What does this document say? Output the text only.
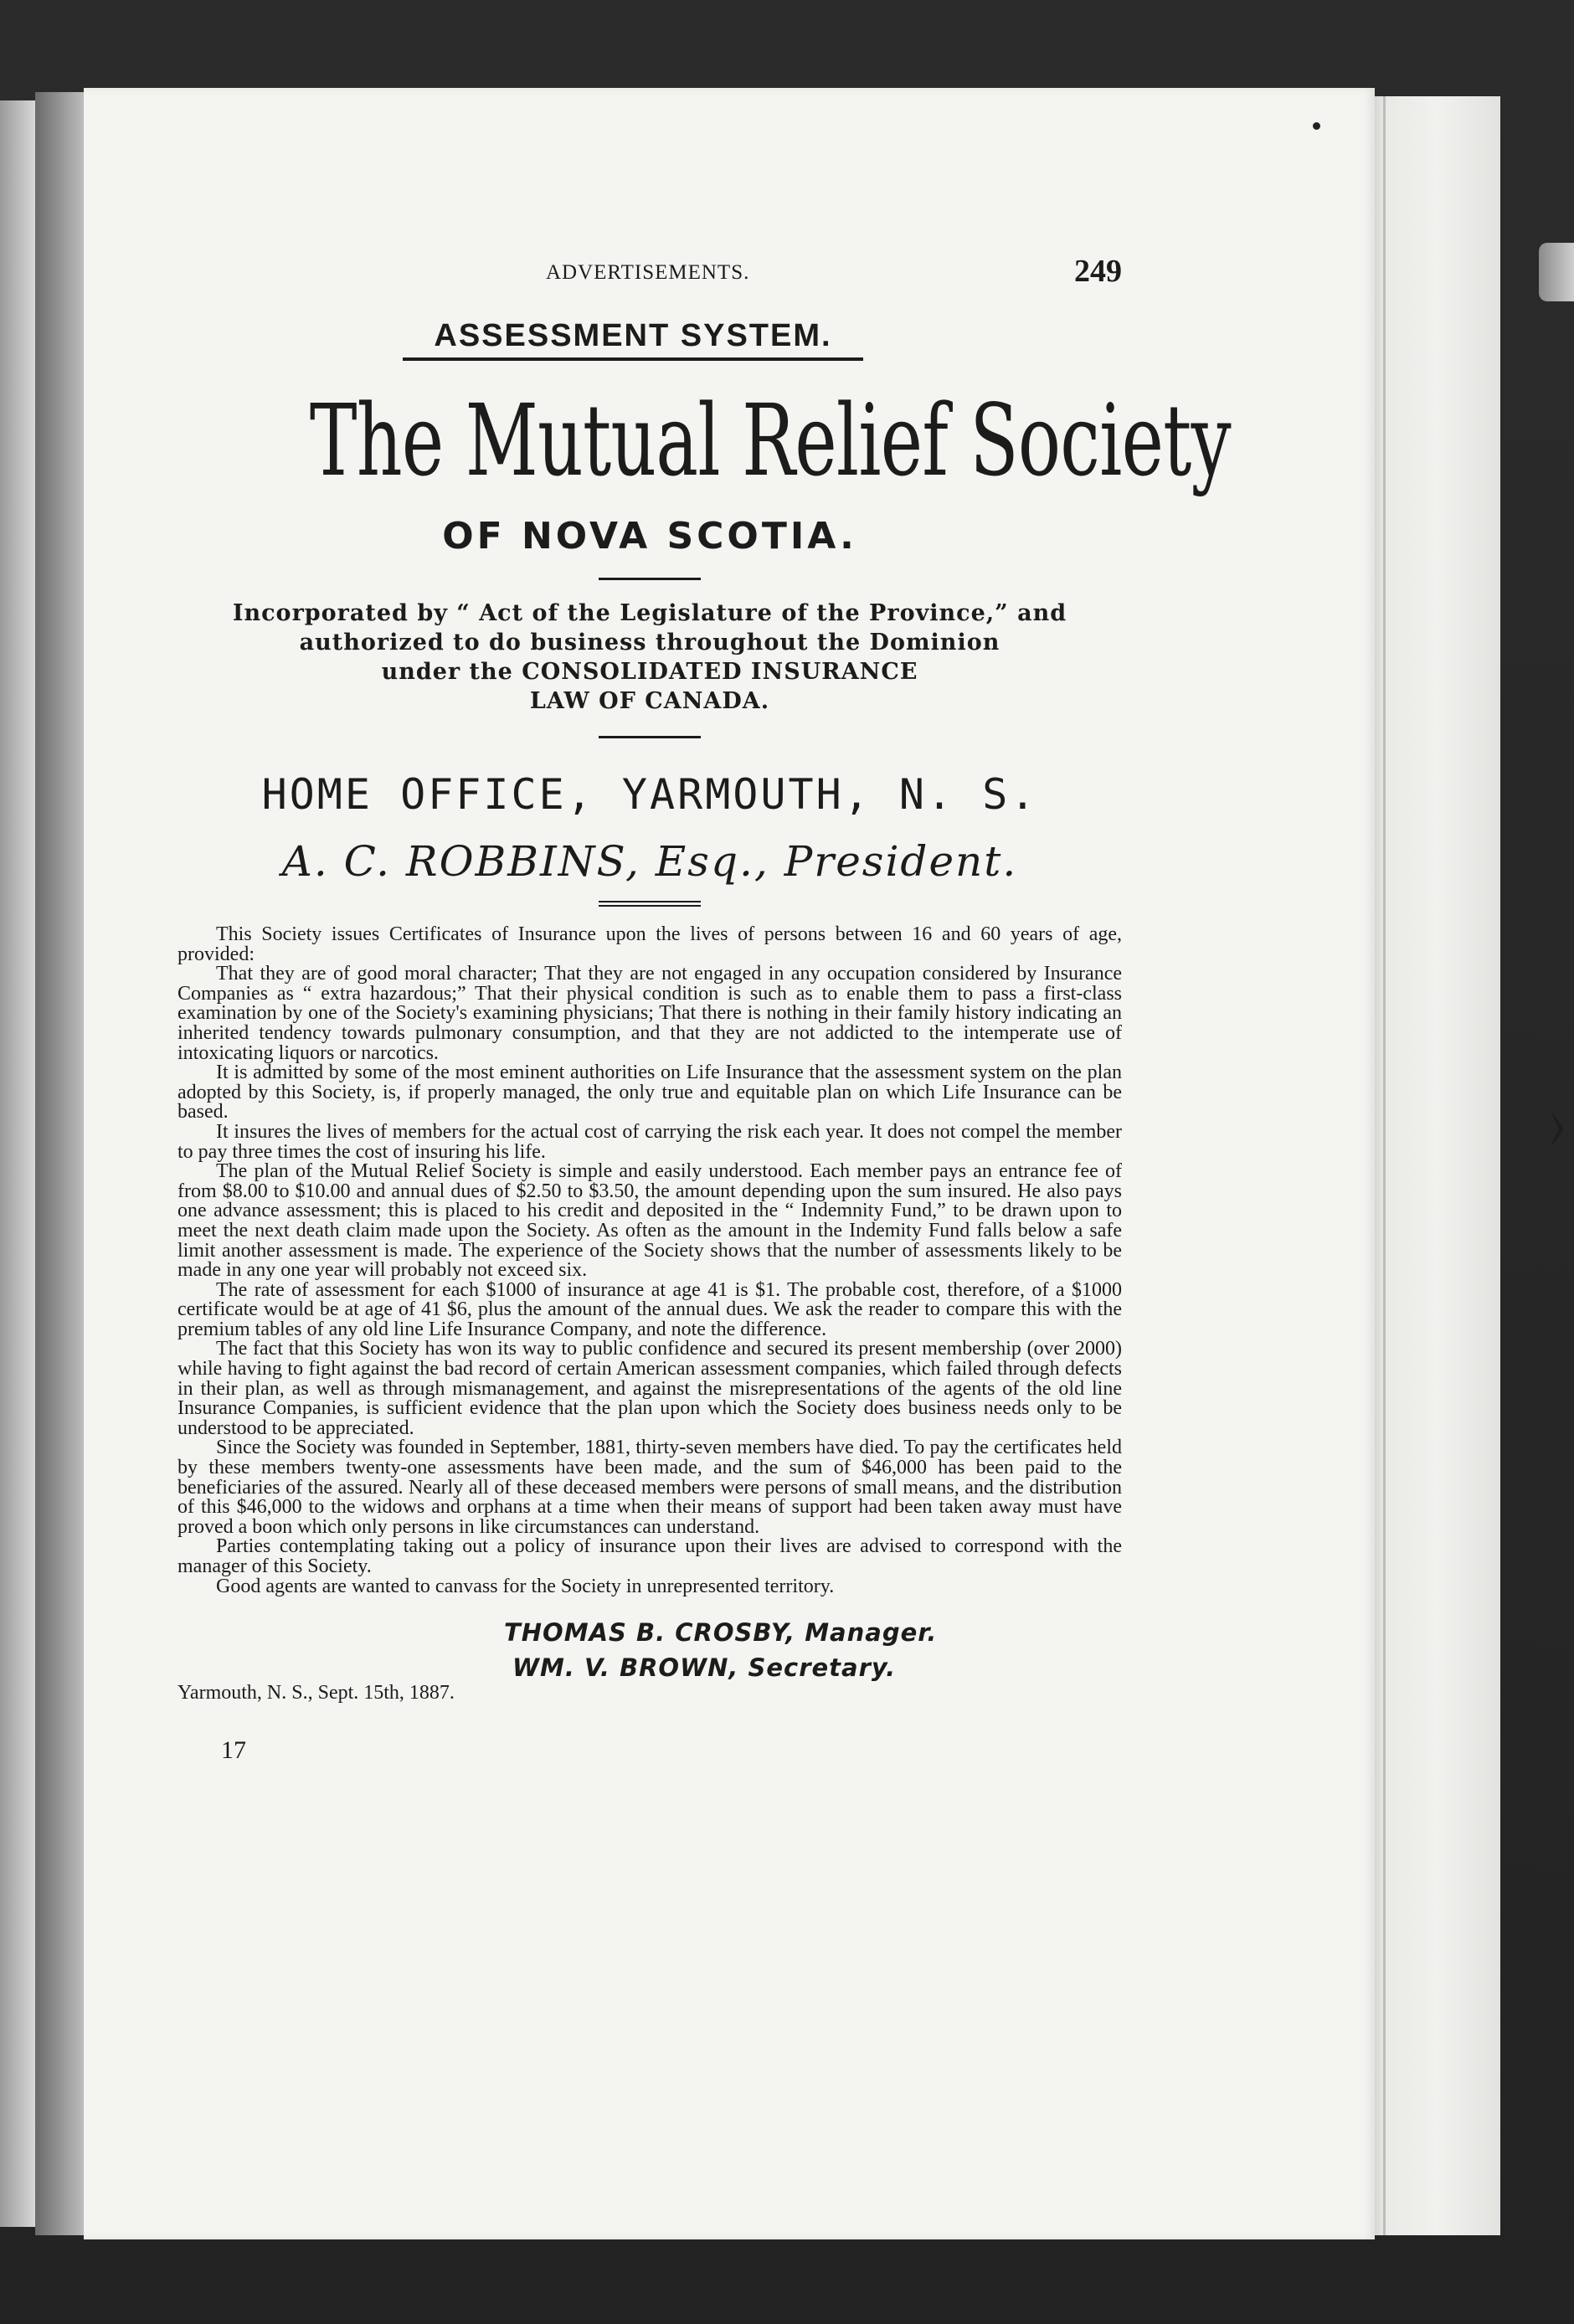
›
ADVERTISEMENTS.	249
ASSESSMENT SYSTEM.
The Mutual Relief Society
OF NOVA SCOTIA.
Incorporated by “ Act of the Legislature of the Province,” and
authorized to do business throughout the Dominion
under the CONSOLIDATED INSURANCE
LAW OF CANADA.
HOME OFFICE, YARMOUTH, N. S.
A. C. ROBBINS, Esq., President.

This Society issues Certificates of Insurance upon the lives of persons between 16 and 60 years of age, provided:

That they are of good moral character; That they are not engaged in any occupation considered by Insurance Companies as “ extra hazardous;” That their physical condition is such as to enable them to pass a first-class examination by one of the Society's examining physicians; That there is nothing in their family history indicating an inherited tendency towards pulmonary consumption, and that they are not addicted to the intemperate use of intoxicating liquors or narcotics.

It is admitted by some of the most eminent authorities on Life Insurance that the assessment system on the plan adopted by this Society, is, if properly managed, the only true and equitable plan on which Life Insurance can be based.

It insures the lives of members for the actual cost of carrying the risk each year. It does not compel the member to pay three times the cost of insuring his life.

The plan of the Mutual Relief Society is simple and easily understood. Each member pays an entrance fee of from $8.00 to $10.00 and annual dues of $2.50 to $3.50, the amount depending upon the sum insured. He also pays one advance assessment; this is placed to his credit and deposited in the “ Indemnity Fund,” to be drawn upon to meet the next death claim made upon the Society. As often as the amount in the Indemity Fund falls below a safe limit another assessment is made. The experience of the Society shows that the number of assessments likely to be made in any one year will probably not exceed six.

The rate of assessment for each $1000 of insurance at age 41 is $1. The probable cost, therefore, of a $1000 certificate would be at age of 41 $6, plus the amount of the annual dues. We ask the reader to compare this with the premium tables of any old line Life Insurance Company, and note the difference.

The fact that this Society has won its way to public confidence and secured its present membership (over 2000) while having to fight against the bad record of certain American assessment companies, which failed through defects in their plan, as well as through mismanagement, and against the misrepresentations of the agents of the old line Insurance Companies, is sufficient evidence that the plan upon which the Society does business needs only to be understood to be appreciated.

Since the Society was founded in September, 1881, thirty-seven members have died. To pay the certificates held by these members twenty-one assessments have been made, and the sum of $46,000 has been paid to the beneficiaries of the assured. Nearly all of these deceased members were persons of small means, and the distribution of this $46,000 to the widows and orphans at a time when their means of support had been taken away must have proved a boon which only persons in like circumstances can understand.

Parties contemplating taking out a policy of insurance upon their lives are advised to correspond with the manager of this Society.

Good agents are wanted to canvass for the Society in unrepresented territory.

THOMAS B. CROSBY, Manager.
WM. V. BROWN, Secretary.
Yarmouth, N. S., Sept. 15th, 1887.
17
